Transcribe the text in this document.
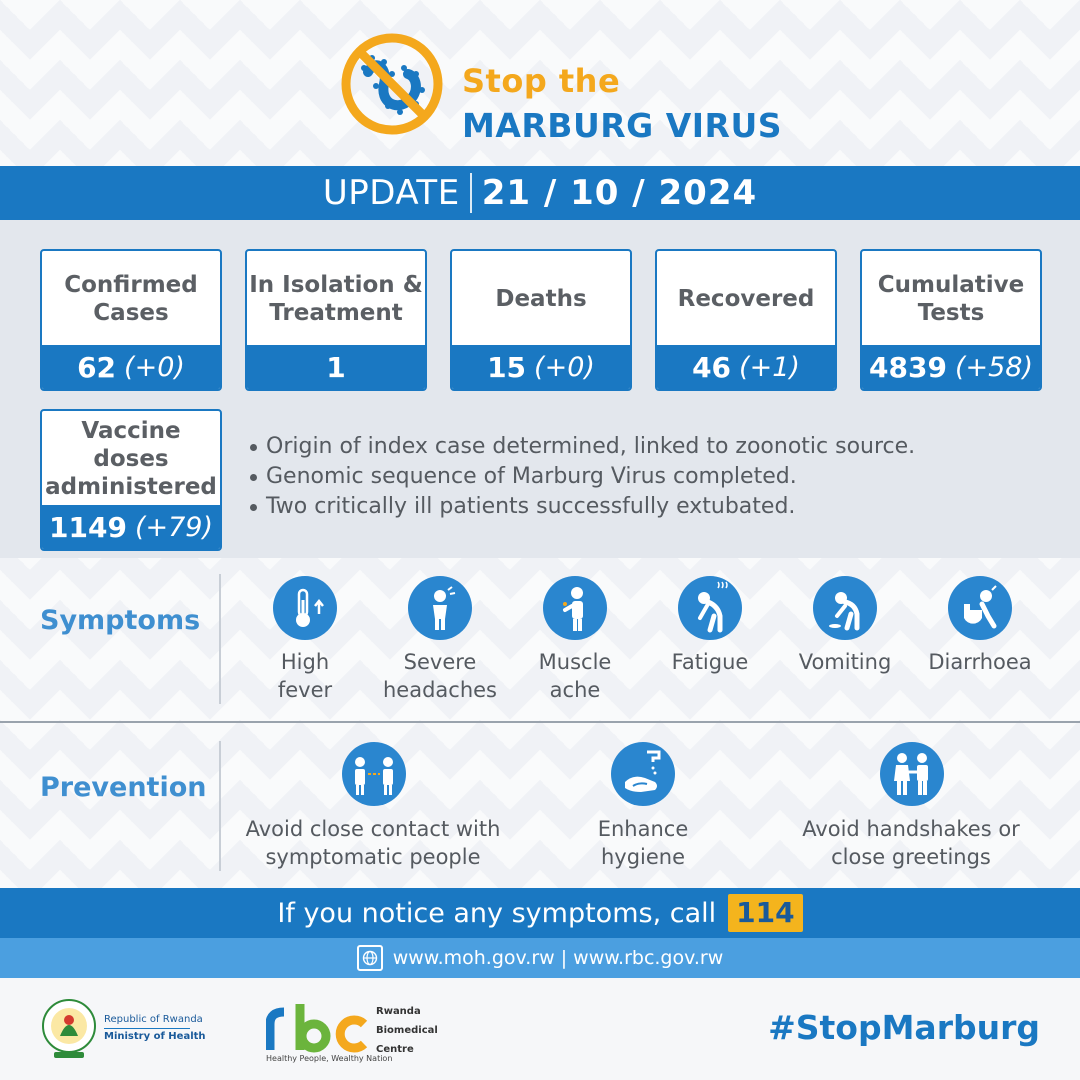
Stop the
MARBURG VIRUS
UPDATE 21 / 10 / 2024
Confirmed Cases
62 (+0)
In Isolation & Treatment
1
Deaths
15 (+0)
Recovered
46 (+1)
Cumulative Tests
4839 (+58)
Vaccine doses administered
1149 (+79)
Origin of index case determined, linked to zoonotic source.
Genomic sequence of Marburg Virus completed.
Two critically ill patients successfully extubated.
Symptoms
High
fever
Severe
headaches
Muscle
ache
Fatigue	Vomiting	Diarrhoea
Prevention
Avoid close contact with
symptomatic people
Enhance
hygiene
Avoid handshakes or
close greetings
If you notice any symptoms, call 114
www.moh.gov.rw | www.rbc.gov.rw
Republic of Rwanda
Ministry of Health
Rwanda
Biomedical
Centre
Healthy People, Wealthy Nation
#StopMarburg
